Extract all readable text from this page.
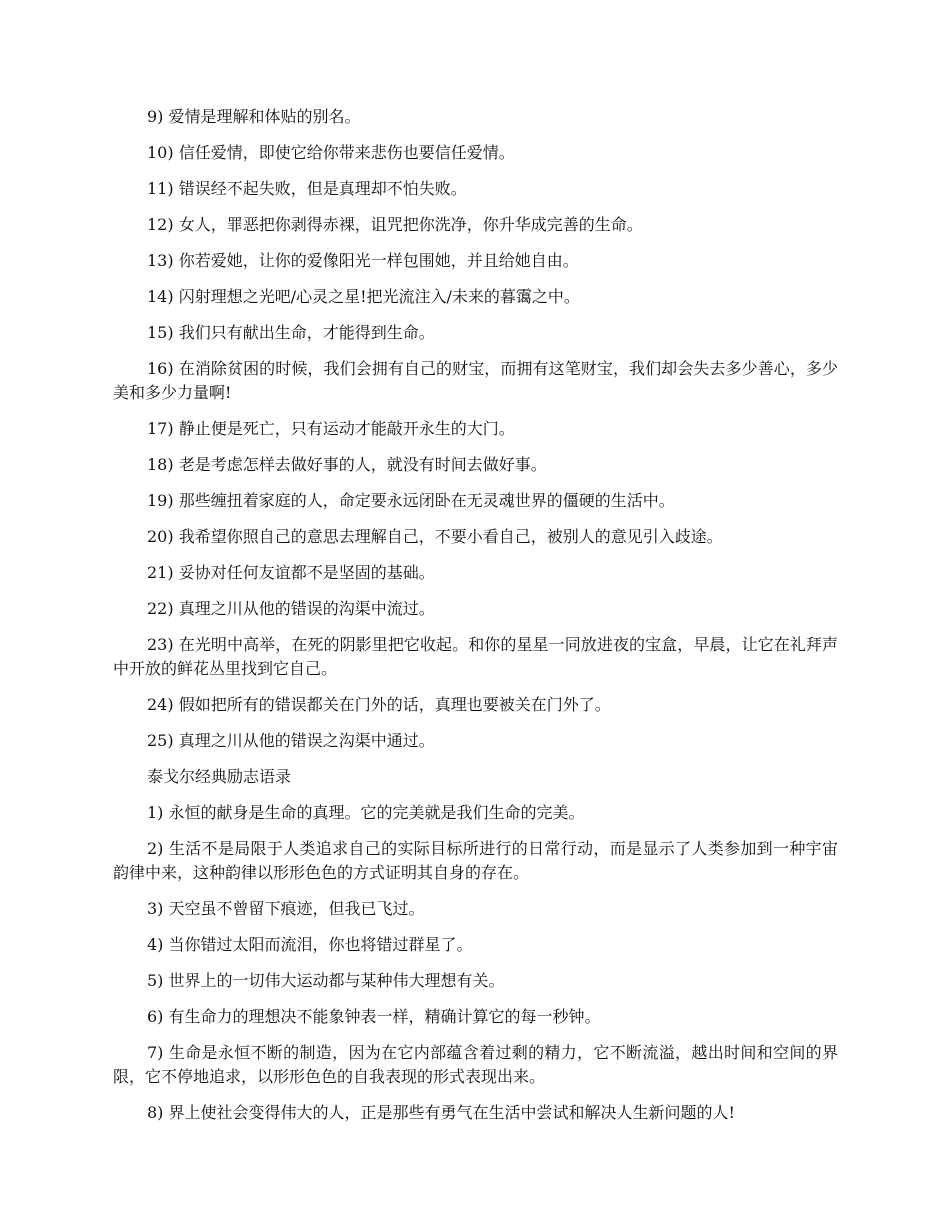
9) 爱情是理解和体贴的别名。

10) 信任爱情，即使它给你带来悲伤也要信任爱情。

11) 错误经不起失败，但是真理却不怕失败。

12) 女人，罪恶把你剥得赤裸，诅咒把你洗净，你升华成完善的生命。

13) 你若爱她，让你的爱像阳光一样包围她，并且给她自由。

14) 闪射理想之光吧/心灵之星!把光流注入/未来的暮霭之中。

15) 我们只有献出生命，才能得到生命。

16) 在消除贫困的时候，我们会拥有自己的财宝，而拥有这笔财宝，我们却会失去多少善心，多少美和多少力量啊!

17) 静止便是死亡，只有运动才能敲开永生的大门。

18) 老是考虑怎样去做好事的人，就没有时间去做好事。

19) 那些缠扭着家庭的人，命定要永远闭卧在无灵魂世界的僵硬的生活中。

20) 我希望你照自己的意思去理解自己，不要小看自己，被别人的意见引入歧途。

21) 妥协对任何友谊都不是坚固的基础。

22) 真理之川从他的错误的沟渠中流过。

23) 在光明中高举，在死的阴影里把它收起。和你的星星一同放进夜的宝盒，早晨，让它在礼拜声中开放的鲜花丛里找到它自己。

24) 假如把所有的错误都关在门外的话，真理也要被关在门外了。

25) 真理之川从他的错误之沟渠中通过。

泰戈尔经典励志语录

1) 永恒的献身是生命的真理。它的完美就是我们生命的完美。

2) 生活不是局限于人类追求自己的实际目标所进行的日常行动，而是显示了人类参加到一种宇宙韵律中来，这种韵律以形形色色的方式证明其自身的存在。

3) 天空虽不曾留下痕迹，但我已飞过。

4) 当你错过太阳而流泪，你也将错过群星了。

5) 世界上的一切伟大运动都与某种伟大理想有关。

6) 有生命力的理想决不能象钟表一样，精确计算它的每一秒钟。

7) 生命是永恒不断的制造，因为在它内部蕴含着过剩的精力，它不断流溢，越出时间和空间的界限，它不停地追求，以形形色色的自我表现的形式表现出来。

8) 界上使社会变得伟大的人，正是那些有勇气在生活中尝试和解决人生新问题的人!
